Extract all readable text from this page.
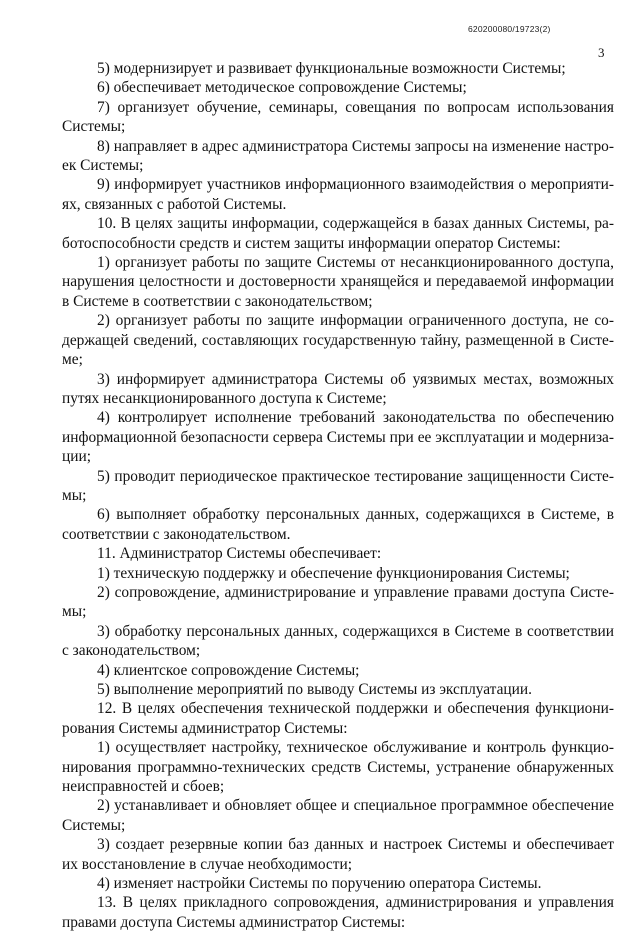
620200080/19723(2)
3

5) модернизирует и развивает функциональные возможности Системы;

6) обеспечивает методическое сопровождение Системы;

7) организует обучение, семинары, совещания по вопросам использования Системы;

8) направляет в адрес администратора Системы запросы на изменение настроек Системы;

9) информирует участников информационного взаимодействия о мероприятиях, связанных с работой Системы.

10. В целях защиты информации, содержащейся в базах данных Системы, работоспособности средств и систем защиты информации оператор Системы:

1) организует работы по защите Системы от несанкционированного доступа, нарушения целостности и достоверности хранящейся и передаваемой информации в Системе в соответствии с законодательством;

2) организует работы по защите информации ограниченного доступа, не содержащей сведений, составляющих государственную тайну, размещенной в Системе;

3) информирует администратора Системы об уязвимых местах, возможных путях несанкционированного доступа к Системе;

4) контролирует исполнение требований законодательства по обеспечению информационной безопасности сервера Системы при ее эксплуатации и модернизации;

5) проводит периодическое практическое тестирование защищенности Системы;

6) выполняет обработку персональных данных, содержащихся в Системе, в соответствии с законодательством.

11. Администратор Системы обеспечивает:

1) техническую поддержку и обеспечение функционирования Системы;

2) сопровождение, администрирование и управление правами доступа Системы;

3) обработку персональных данных, содержащихся в Системе в соответствии с законодательством;

4) клиентское сопровождение Системы;

5) выполнение мероприятий по выводу Системы из эксплуатации.

12. В целях обеспечения технической поддержки и обеспечения функционирования Системы администратор Системы:

1) осуществляет настройку, техническое обслуживание и контроль функционирования программно-технических средств Системы, устранение обнаруженных неисправностей и сбоев;

2) устанавливает и обновляет общее и специальное программное обеспечение Системы;

3) создает резервные копии баз данных и настроек Системы и обеспечивает их восстановление в случае необходимости;

4) изменяет настройки Системы по поручению оператора Системы.

13. В целях прикладного сопровождения, администрирования и управления правами доступа Системы администратор Системы:
